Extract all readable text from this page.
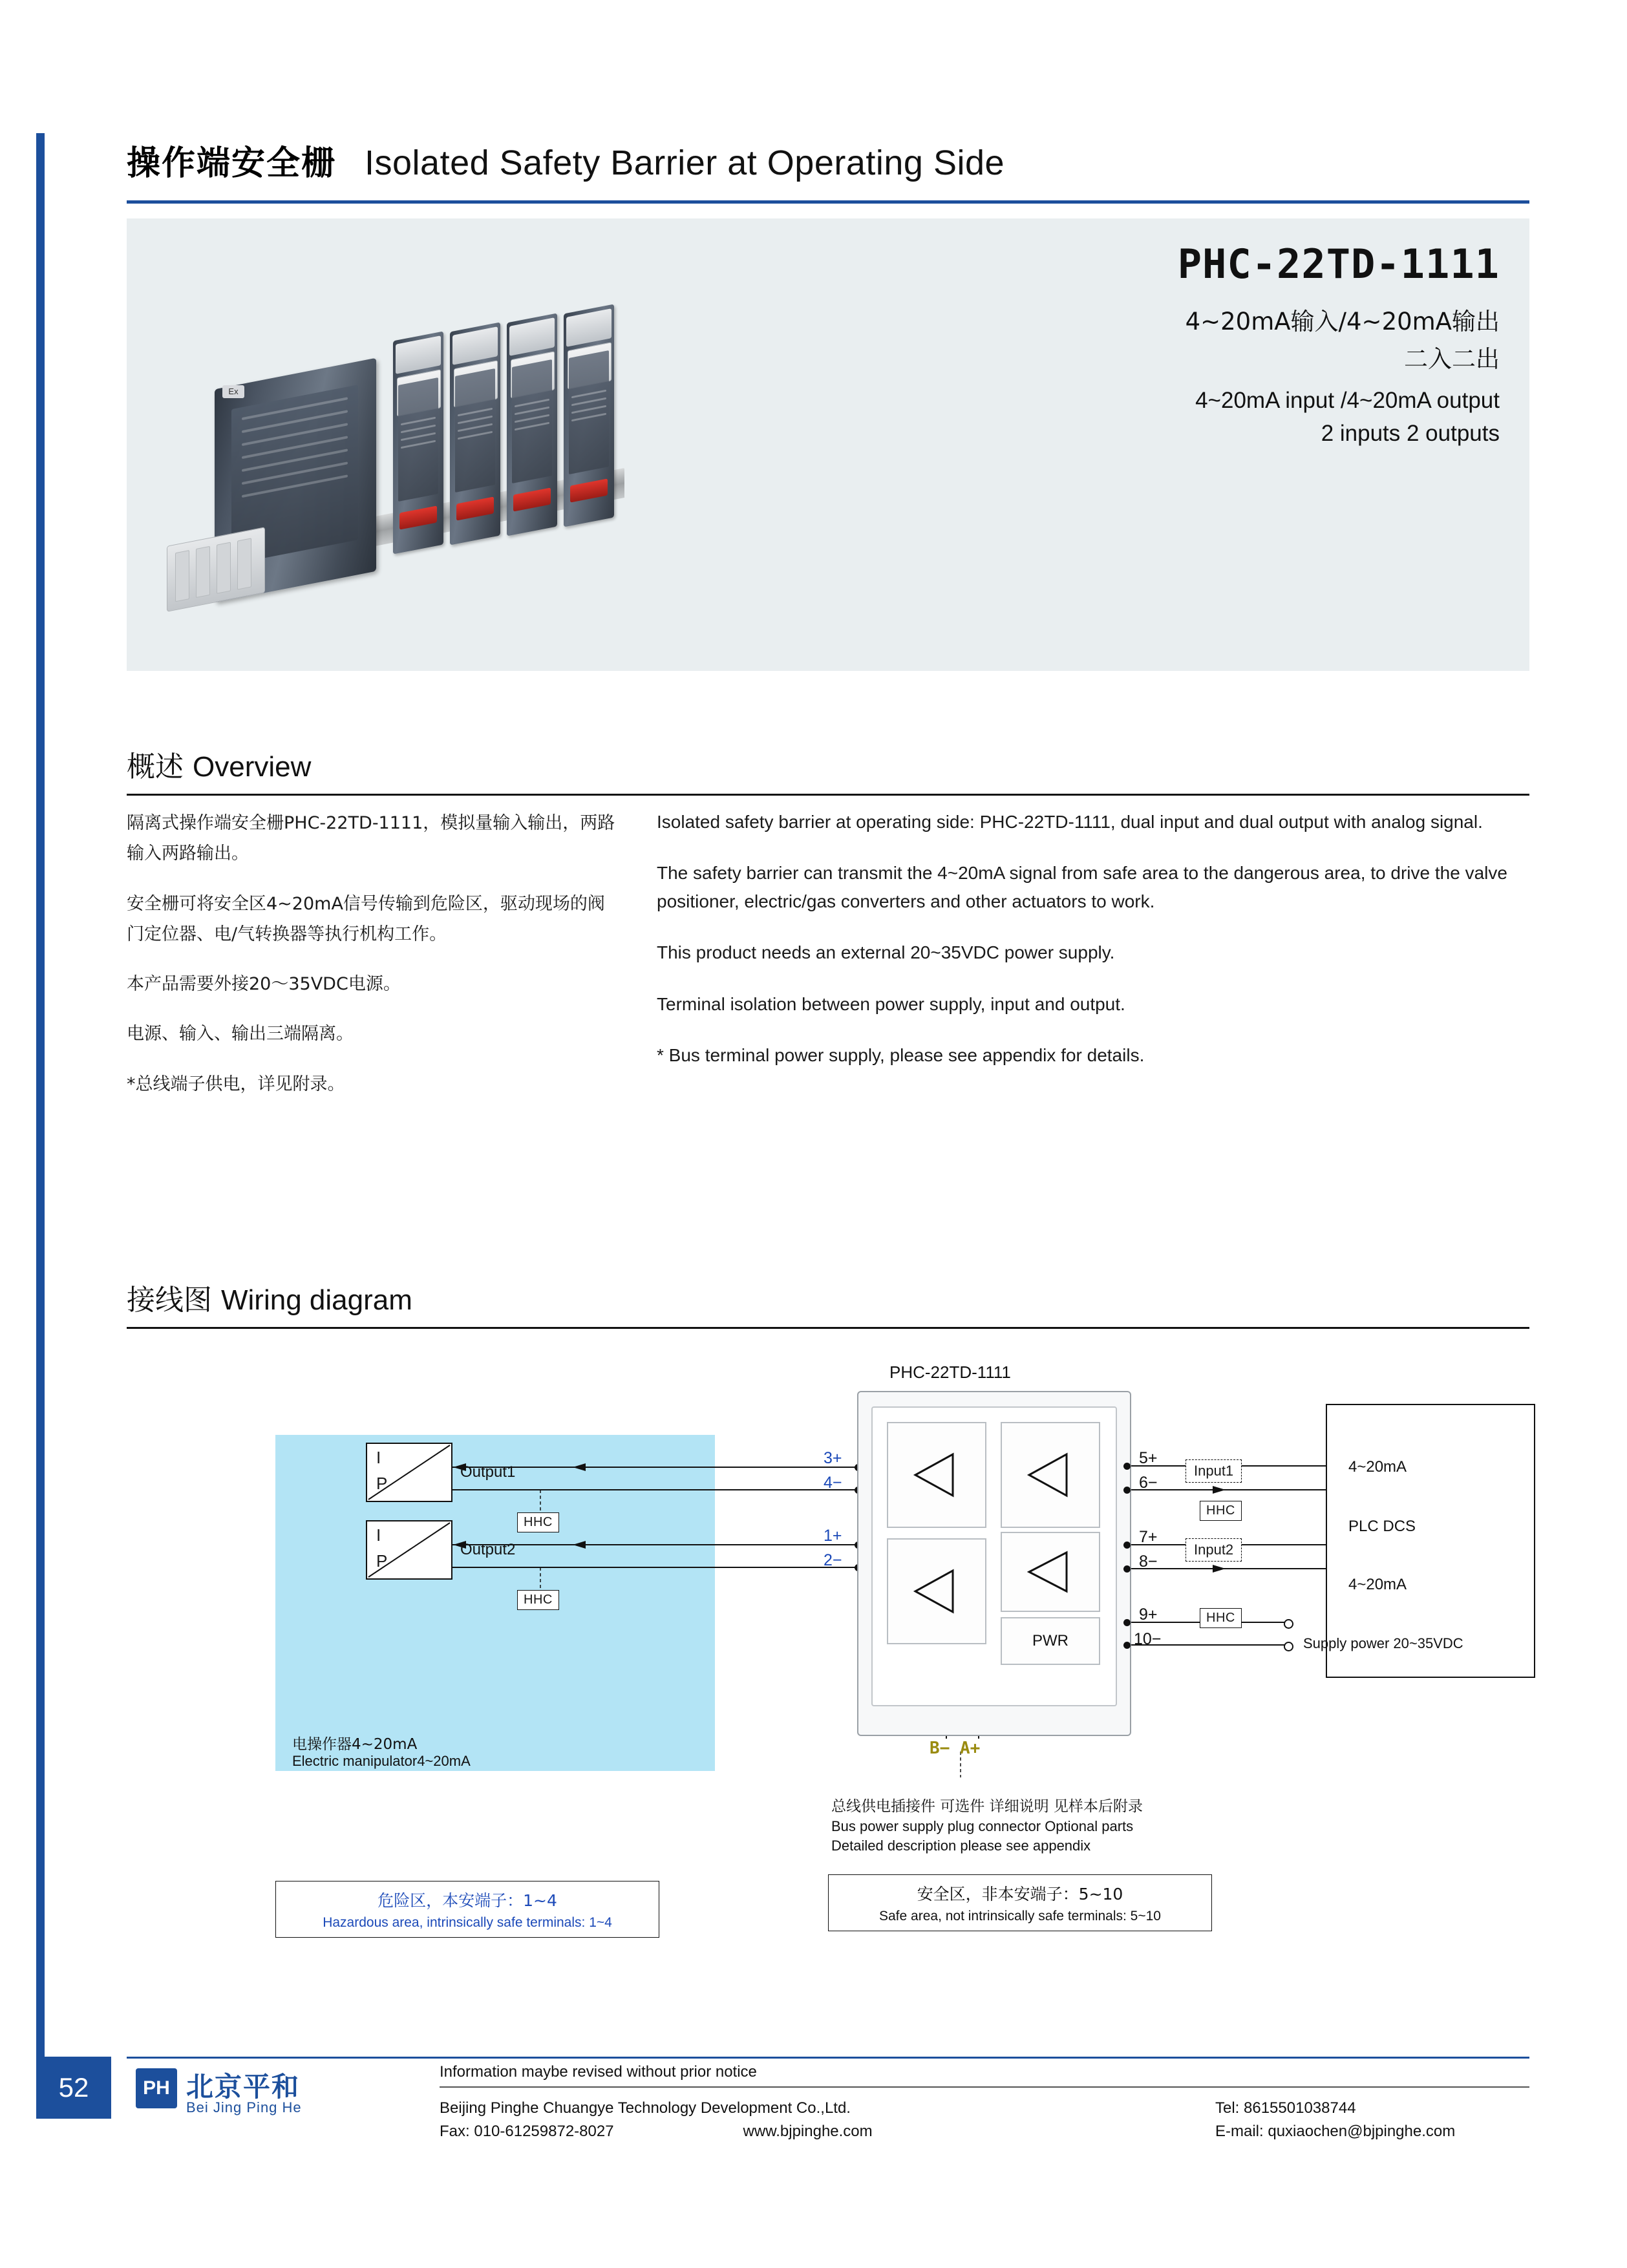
操作端安全栅 Isolated Safety Barrier at Operating Side
Ex
PHC-22TD-1111
4~20mA输入/4~20mA输出
二入二出
4~20mA input /4~20mA output
2 inputs 2 outputs
概述 Overview

隔离式操作端安全栅PHC-22TD-1111，模拟量输入输出，两路输入两路输出。

安全栅可将安全区4~20mA信号传输到危险区，驱动现场的阀门定位器、电/气转换器等执行机构工作。

本产品需要外接20～35VDC电源。

电源、输入、输出三端隔离。

*总线端子供电，详见附录。

Isolated safety barrier at operating side: PHC-22TD-1111, dual input and dual output with analog signal.

The safety barrier can transmit the 4~20mA signal from safe area to the dangerous area, to drive the valve positioner, electric/gas converters and other actuators to work.

This product needs an external 20~35VDC power supply.

Terminal isolation between power supply, input and output.

* Bus terminal power supply, please see appendix for details.

接线图 Wiring diagram
I
P
Output1
HHC
I
P
Output2
HHC
电操作器4~20mA
Electric manipulator4~20mA
3+
4−
1+
2−
PHC-22TD-1111
PWR
5+
6−
7+
8−
9+
10−
Input1
HHC
Input2
HHC
4~20mA
PLC DCS
4~20mA
Supply power 20~35VDC
B− A+
总线供电插接件 可选件 详细说明 见样本后附录
Bus power supply plug connector Optional parts
Detailed description please see appendix
危险区，本安端子：1~4
Hazardous area, intrinsically safe terminals: 1~4
安全区，非本安端子：5~10
Safe area, not intrinsically safe terminals: 5~10
52	PH 北京平和
Bei Jing Ping He
Information maybe revised without prior notice
Beijing Pinghe Chuangye Technology Development Co.,Ltd.
Fax: 010-61259872-8027	www.bjpinghe.com
Tel: 8615501038744
E-mail: quxiaochen@bjpinghe.com
